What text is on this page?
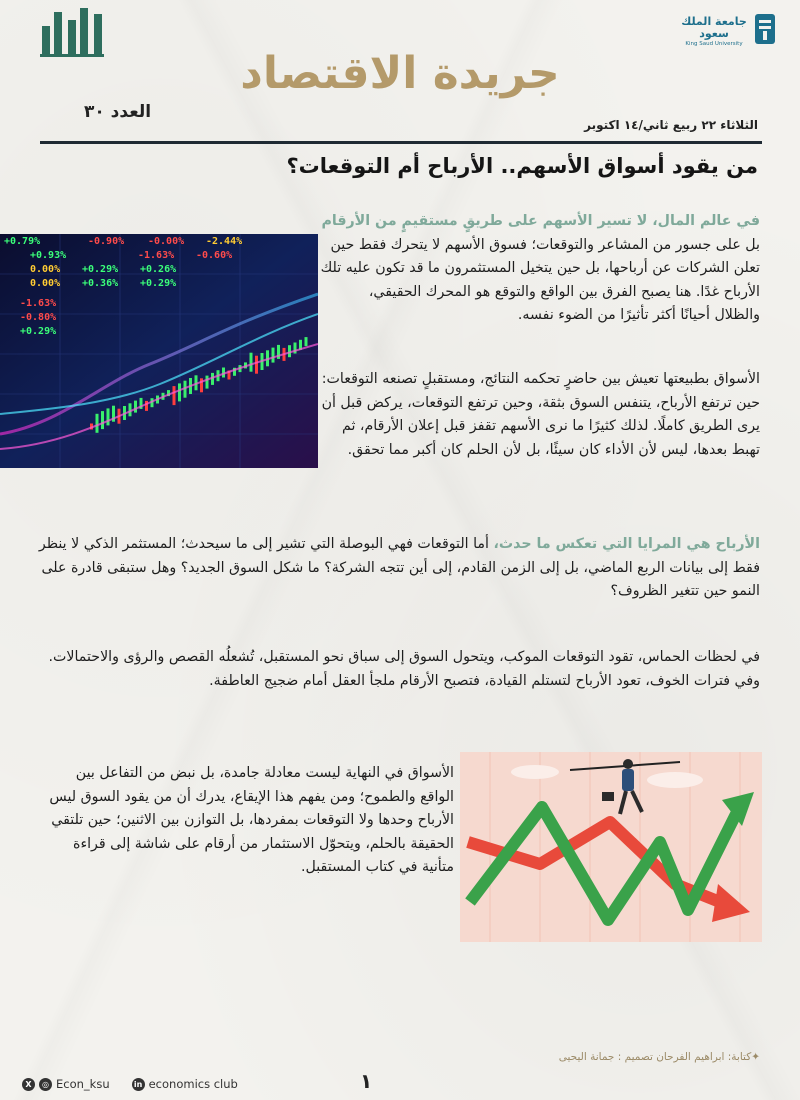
جامعة الملك سعود
King Saud University
جريدة الاقتصاد
العدد ٣٠
الثلاثاء ٢٢ ربيع ثاني/١٤ اكتوبر
من يقود أسواق الأسهم.. الأرباح أم التوقعات؟
في عالم المال، لا تسير الأسهم على طريقٍ مستقيمٍ من الأرقام بل على جسور من المشاعر والتوقعات؛ فسوق الأسهم لا يتحرك فقط حين تعلن الشركات عن أرباحها، بل حين يتخيل المستثمرون ما قد تكون عليه تلك الأرباح غدًا. هنا يصبح الفرق بين الواقع والتوقع هو المحرك الحقيقي، والظلال أحيانًا أكثر تأثيرًا من الضوء نفسه.
الأسواق بطبيعتها تعيش بين حاضرٍ تحكمه النتائج، ومستقبلٍ تصنعه التوقعات: حين ترتفع الأرباح، يتنفس السوق بثقة، وحين ترتفع التوقعات، يركض قبل أن يرى الطريق كاملًا. لذلك كثيرًا ما نرى الأسهم تقفز قبل إعلان الأرقام، ثم تهبط بعدها، ليس لأن الأداء كان سيئًا، بل لأن الحلم كان أكبر مما تحقق.
+0.79%	-0.90% -0.00% -2.44%
+0.93%	-1.63% -0.60%
0.00% +0.29% +0.26%
0.00% +0.36% +0.29%
-1.63%
-0.80%
+0.29%
الأرباح هي المرايا التي تعكس ما حدث، أما التوقعات فهي البوصلة التي تشير إلى ما سيحدث؛ المستثمر الذكي لا ينظر فقط إلى بيانات الربع الماضي، بل إلى الزمن القادم، إلى أين تتجه الشركة؟ ما شكل السوق الجديد؟ وهل ستبقى قادرة على النمو حين تتغير الظروف؟
في لحظات الحماس، تقود التوقعات الموكب، ويتحول السوق إلى سباق نحو المستقبل، تُشعلُه القصص والرؤى والاحتمالات. وفي فترات الخوف، تعود الأرباح لتستلم القيادة، فتصبح الأرقام ملجأ العقل أمام ضجيج العاطفة.
الأسواق في النهاية ليست معادلة جامدة، بل نبض من التفاعل بين الواقع والطموح؛ ومن يفهم هذا الإيقاع، يدرك أن من يقود السوق ليس الأرباح وحدها ولا التوقعات بمفردها، بل التوازن بين الاثنين؛ حين تلتقي الحقيقة بالحلم، ويتحوّل الاستثمار من أرقام على شاشة إلى قراءة متأنية في كتاب المستقبل.
✦كتابة: ابراهيم الفرحان تصميم : جمانة اليحيى
١
X	◎ Econ_ksu	in economics club
